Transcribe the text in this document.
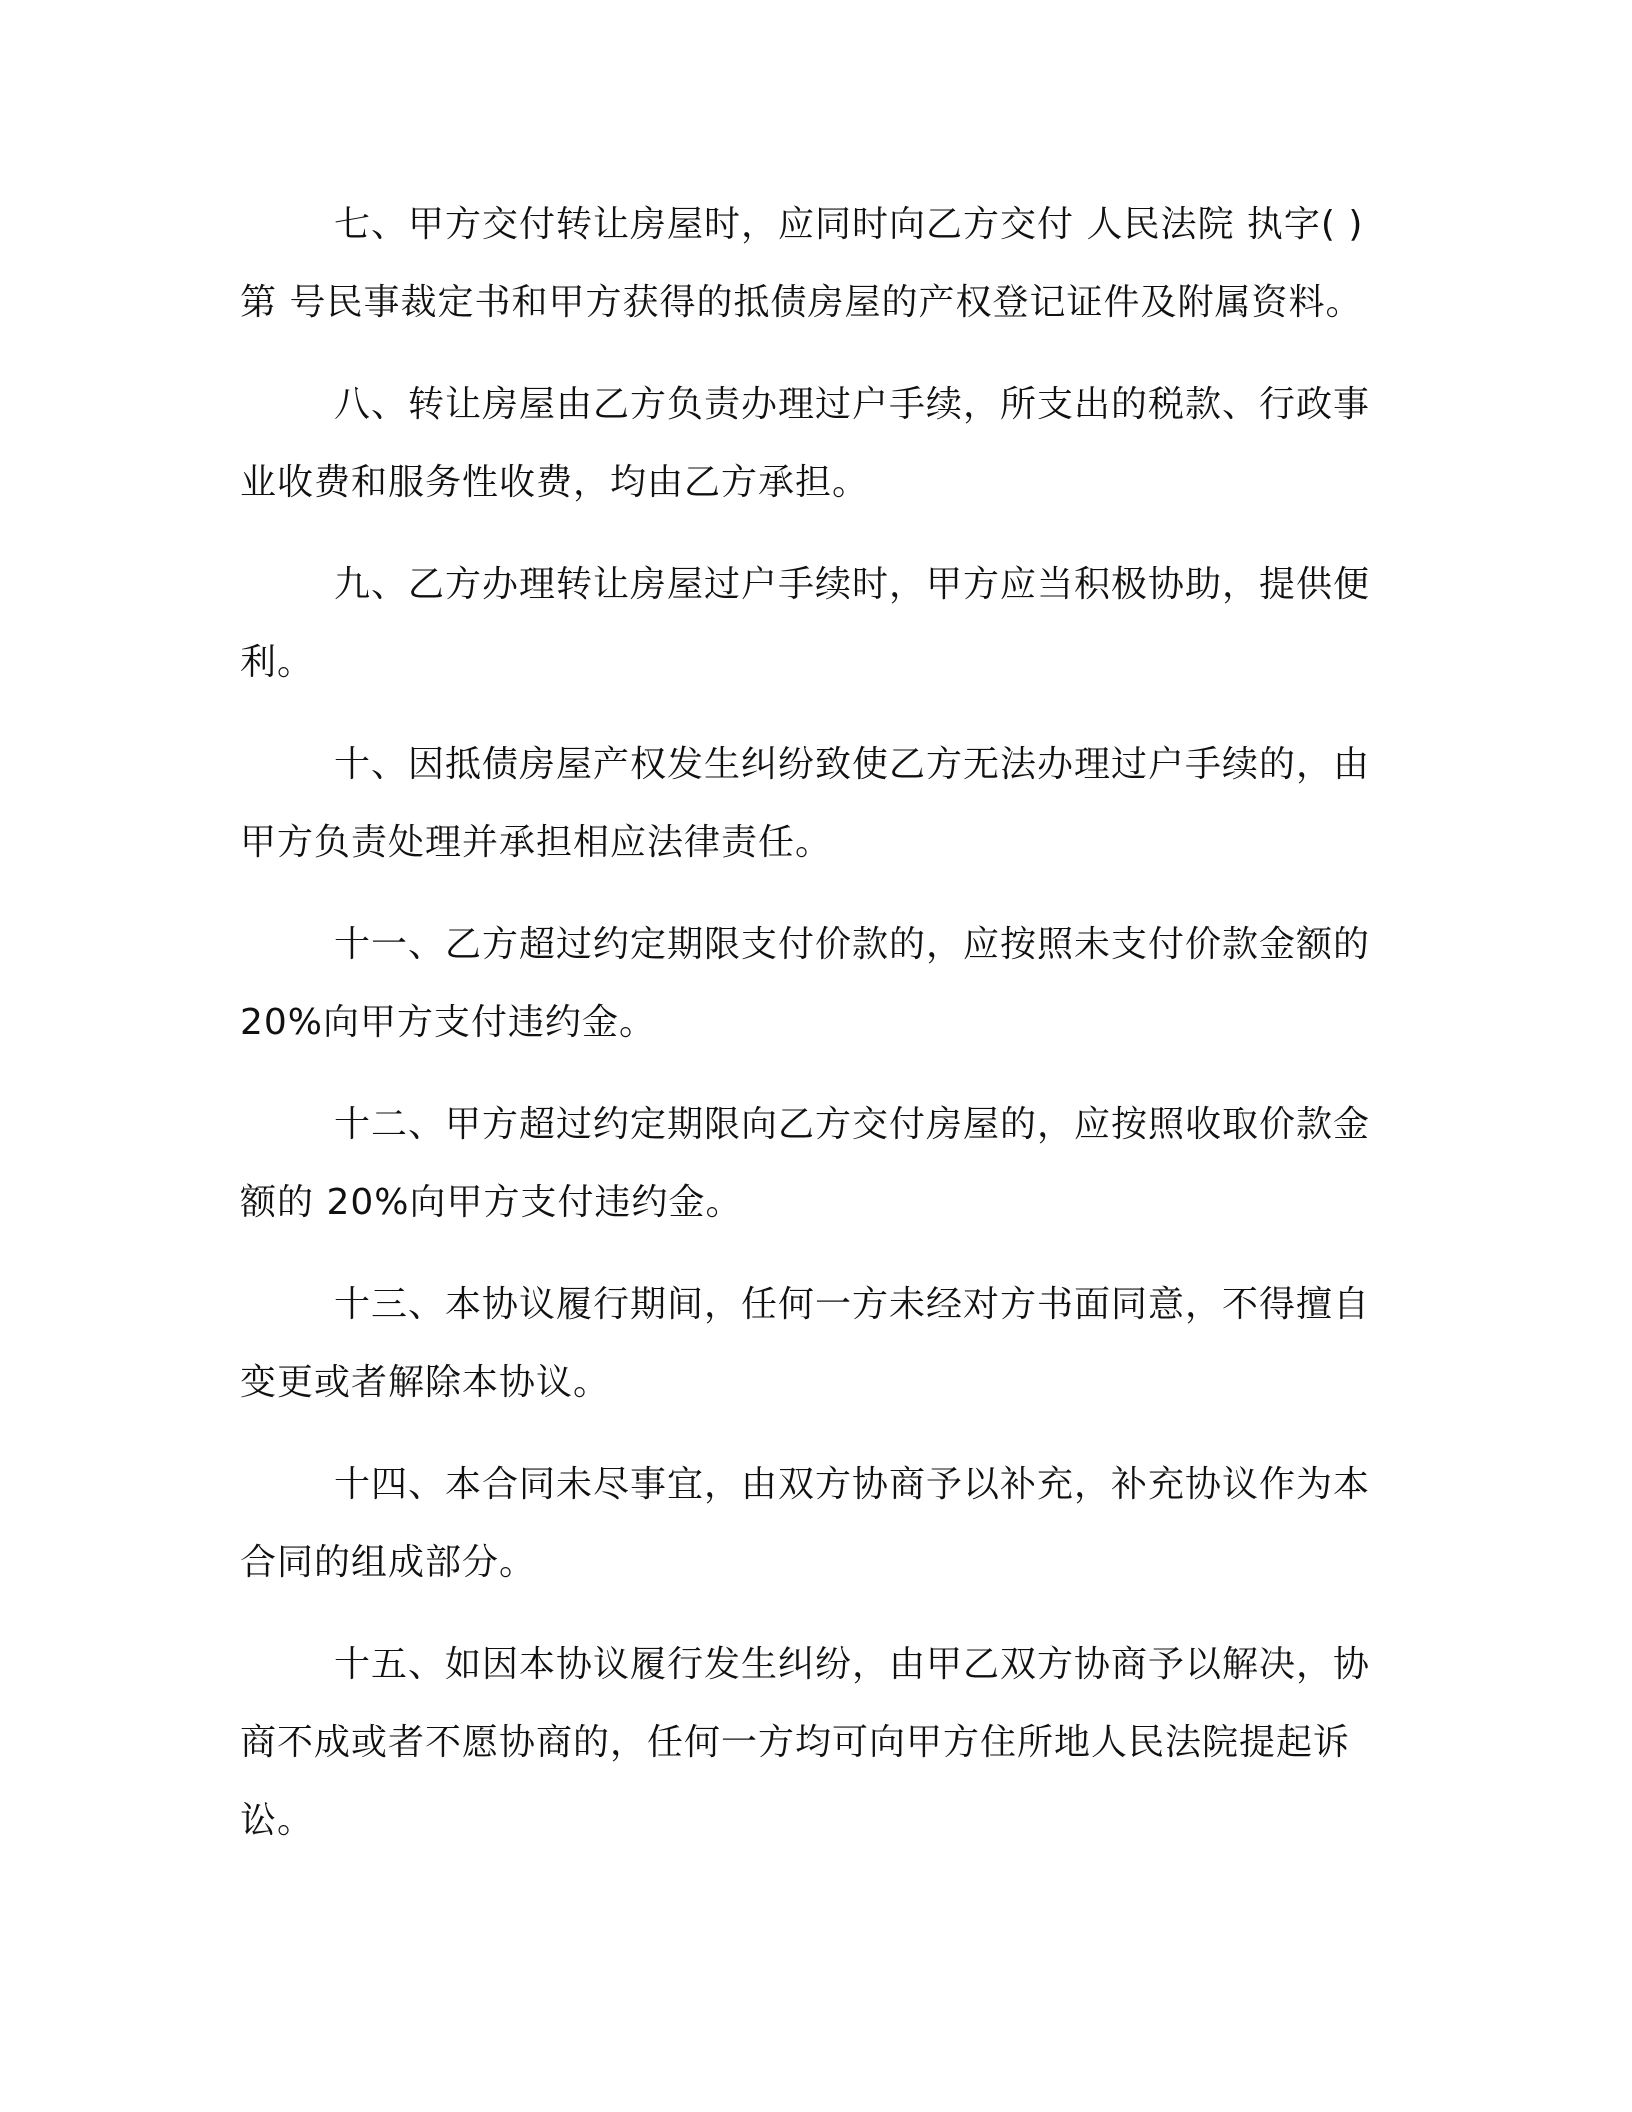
七、甲方交付转让房屋时，应同时向乙方交付 人民法院 执字( )
第 号民事裁定书和甲方获得的抵债房屋的产权登记证件及附属资料。

八、转让房屋由乙方负责办理过户手续，所支出的税款、行政事
业收费和服务性收费，均由乙方承担。

九、乙方办理转让房屋过户手续时，甲方应当积极协助，提供便
利。

十、因抵债房屋产权发生纠纷致使乙方无法办理过户手续的，由
甲方负责处理并承担相应法律责任。

十一、乙方超过约定期限支付价款的，应按照未支付价款金额的
20%向甲方支付违约金。

十二、甲方超过约定期限向乙方交付房屋的，应按照收取价款金
额的 20%向甲方支付违约金。

十三、本协议履行期间，任何一方未经对方书面同意，不得擅自
变更或者解除本协议。

十四、本合同未尽事宜，由双方协商予以补充，补充协议作为本
合同的组成部分。

十五、如因本协议履行发生纠纷，由甲乙双方协商予以解决，协
商不成或者不愿协商的，任何一方均可向甲方住所地人民法院提起诉
讼。
